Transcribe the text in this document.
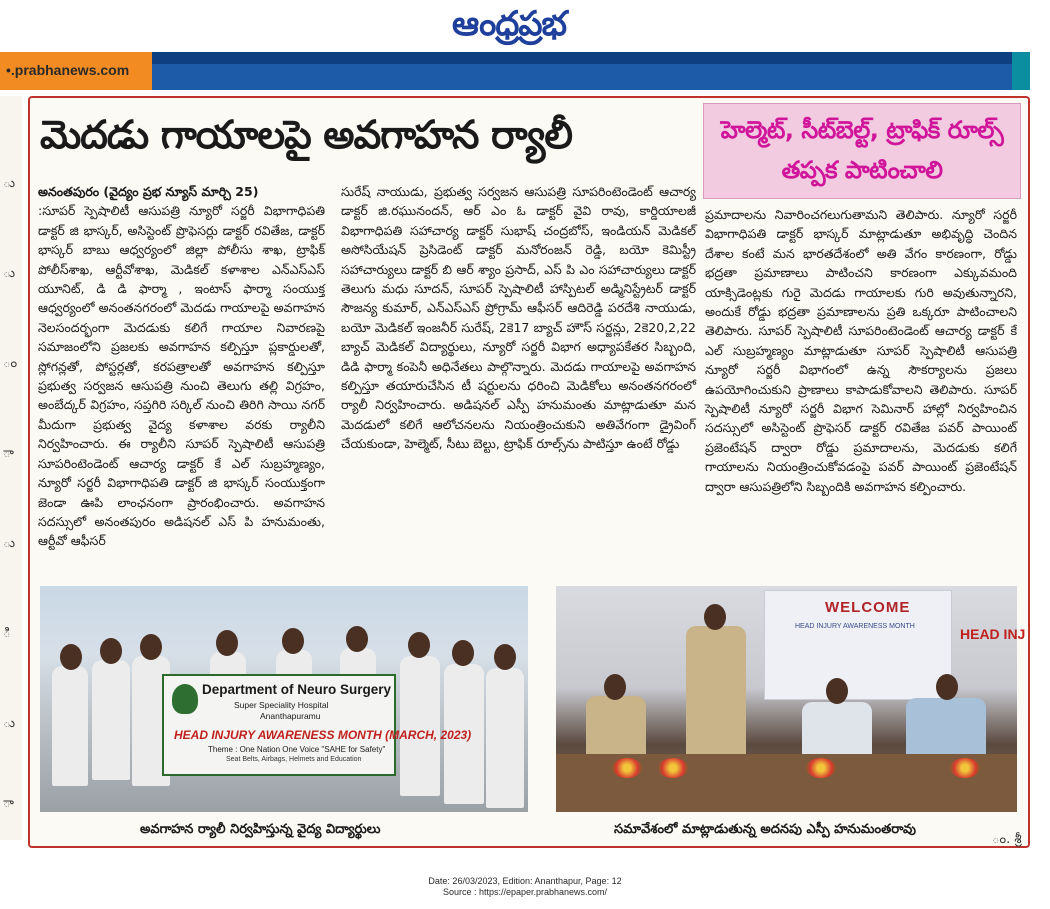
ఆంధ్రప్రభ
•.prabhanews.com
ు
ు
ం
ా
ు
ి
ు
ా
మెదడు గాయాలపై అవగాహన ర్యాలీ	హెల్మెట్, సీట్‌బెల్ట్, ట్రాఫిక్ రూల్స్
తప్పక పాటించాలి
అనంతపురం (వైద్యం ప్రభ న్యూస్ మార్చి 25)
:సూపర్ స్పెషాలిటీ ఆసుపత్రి న్యూరో సర్జరీ విభాగాధిపతి డాక్టర్ జి భాస్కర్, అసిస్టెంట్ ప్రొఫెసర్లు డాక్టర్ రవితేజ, డాక్టర్ భాస్కర్ బాబు ఆధ్వర్యంలో జిల్లా పోలీసు శాఖ, ట్రాఫిక్ పోలీస్‌శాఖ, ఆర్టీవోశాఖ, మెడికల్ కళాశాల ఎన్ఎస్ఎస్ యూనిట్, డి డి ఫార్మా , ఇంటాస్ ఫార్మా సంయుక్త ఆధ్వర్యంలో అనంతనగరంలో మెదడు గాయాలపై అవగాహన నెలసందర్భంగా మెదడుకు కలిగే గాయాల నివారణపై సమాజంలోని ప్రజలకు అవగాహన కల్పిస్తూ ప్లకార్డులతో, స్లోగన్లతో, పోస్టర్లతో, కరపత్రాలతో అవగాహన కల్పిస్తూ ప్రభుత్వ సర్వజన ఆసుపత్రి నుంచి తెలుగు తల్లి విగ్రహం, అంబేద్కర్ విగ్రహం, సప్తగిరి సర్కిల్ నుంచి తిరిగి సాయి నగర్ మీదుగా ప్రభుత్వ వైద్య కళాశాల వరకు ర్యాలీని నిర్వహించారు. ఈ ర్యాలీని సూపర్ స్పెషాలిటీ ఆసుపత్రి సూపరింటెండెంట్ ఆచార్య డాక్టర్ కే ఎల్ సుబ్రహ్మణ్యం, న్యూరో సర్జరీ విభాగాధిపతి డాక్టర్ జి భాస్కర్ సంయుక్తంగా జెండా ఊపి లాంఛనంగా ప్రారంభించారు. అవగాహన సదస్సులో అనంతపురం అడిషనల్ ఎస్ పి హనుమంతు, ఆర్టీవో ఆఫీసర్
సురేష్ నాయుడు, ప్రభుత్వ సర్వజన ఆసుపత్రి సూపరింటెండెంట్ ఆచార్య డాక్టర్ జి.రఘునందన్, ఆర్ ఎం ఓ డాక్టర్ వైవి రావు, కార్డియాలజీ విభాగాధిపతి సహాచార్య డాక్టర్ సుభాష్ చంద్రబోస్, ఇండియన్ మెడికల్ అసోసియేషన్ ప్రెసిడెంట్ డాక్టర్ మనోరంజన్ రెడ్డి, బయో కెమిస్ట్రీ సహాచార్యులు డాక్టర్ బి ఆర్ శ్యాం ప్రసాద్, ఎస్ పి ఎం సహాచార్యులు డాక్టర్ తెలుగు మధు సూదన్, సూపర్ స్పెషాలిటీ హాస్పిటల్ అడ్మినిస్ట్రేటర్ డాక్టర్ సౌజన్య కుమార్, ఎన్ఎస్ఎస్ ప్రోగ్రామ్ ఆఫీసర్ ఆదిరెడ్డి పరదేశి నాయుడు, బయో మెడికల్ ఇంజనీర్ సురేష్, 2కె17 బ్యాచ్ హౌస్ సర్జన్లు, 2కె20,2,22 బ్యాచ్ మెడికల్ విద్యార్థులు, న్యూరో సర్జరీ విభాగ అధ్యాపకేతర సిబ్బంది, డిడి ఫార్మా కంపెనీ అధినేతలు పాల్గొన్నారు. మెదడు గాయాలపై అవగాహన కల్పిస్తూ తయారుచేసిన టీ షర్టులను ధరించి మెడికోలు అనంతనగరంలో ర్యాలీ నిర్వహించారు. అడిషనల్ ఎస్పీ హనుమంతు మాట్లాడుతూ మన మెదడులో కలిగే ఆలోచనలను నియంత్రించుకుని అతివేగంగా డ్రైవింగ్ చేయకుండా, హెల్మెట్, సీటు బెల్టు, ట్రాఫిక్ రూల్స్‌ను పాటిస్తూ ఉంటే రోడ్డు
ప్రమాదాలను నివారించగలుగుతామని తెలిపారు. న్యూరో సర్జరీ విభాగాధిపతి డాక్టర్ భాస్కర్ మాట్లాడుతూ అభివృద్ధి చెందిన దేశాల కంటే మన భారతదేశంలో అతి వేగం కారణంగా, రోడ్డు భద్రతా ప్రమాణాలు పాటించని కారణంగా ఎక్కువమంది యాక్సిడెంట్లకు గురై మెదడు గాయాలకు గురి అవుతున్నారని, అందుకే రోడ్డు భద్రతా ప్రమాణాలను ప్రతి ఒక్కరూ పాటించాలని తెలిపారు. సూపర్ స్పెషాలిటీ సూపరింటెండెంట్ ఆచార్య డాక్టర్ కే ఎల్ సుబ్రహ్మణ్యం మాట్లాడుతూ సూపర్ స్పెషాలిటీ ఆసుపత్రి న్యూరో సర్జరీ విభాగంలో ఉన్న సౌకర్యాలను ప్రజలు ఉపయోగించుకుని ప్రాణాలు కాపాడుకోవాలని తెలిపారు. సూపర్ స్పెషాలిటీ న్యూరో సర్జరీ విభాగ సెమినార్ హాల్లో నిర్వహించిన సదస్సులో అసిస్టెంట్ ప్రొఫెసర్ డాక్టర్ రవితేజ పవర్ పాయింట్ ప్రజెంటేషన్ ద్వారా రోడ్డు ప్రమాదాలను, మెదడుకు కలిగే గాయాలను నియంత్రించుకోవడంపై పవర్ పాయింట్ ప్రజెంటేషన్ ద్వారా ఆసుపత్రిలోని సిబ్బందికి అవగాహన కల్పించారు.
Department of Neuro Surgery
Super Speciality Hospital
Ananthapuramu
HEAD INJURY AWARENESS MONTH (MARCH, 2023)
Theme : One Nation One Voice "SAHE for Safety"
Seat Belts, Airbags, Helmets and Education
WELCOME
HEAD INJURY AWARENESS MONTH	HEAD INJ
అవగాహన ర్యాలీ నిర్వహిస్తున్న వైద్య విద్యార్థులు	సమావేశంలో మాట్లాడుతున్న అదనపు ఎస్పీ హనుమంతరావు
ం. శ్రీ
Date: 26/03/2023, Edition: Ananthapur, Page: 12
Source : https://epaper.prabhanews.com/
